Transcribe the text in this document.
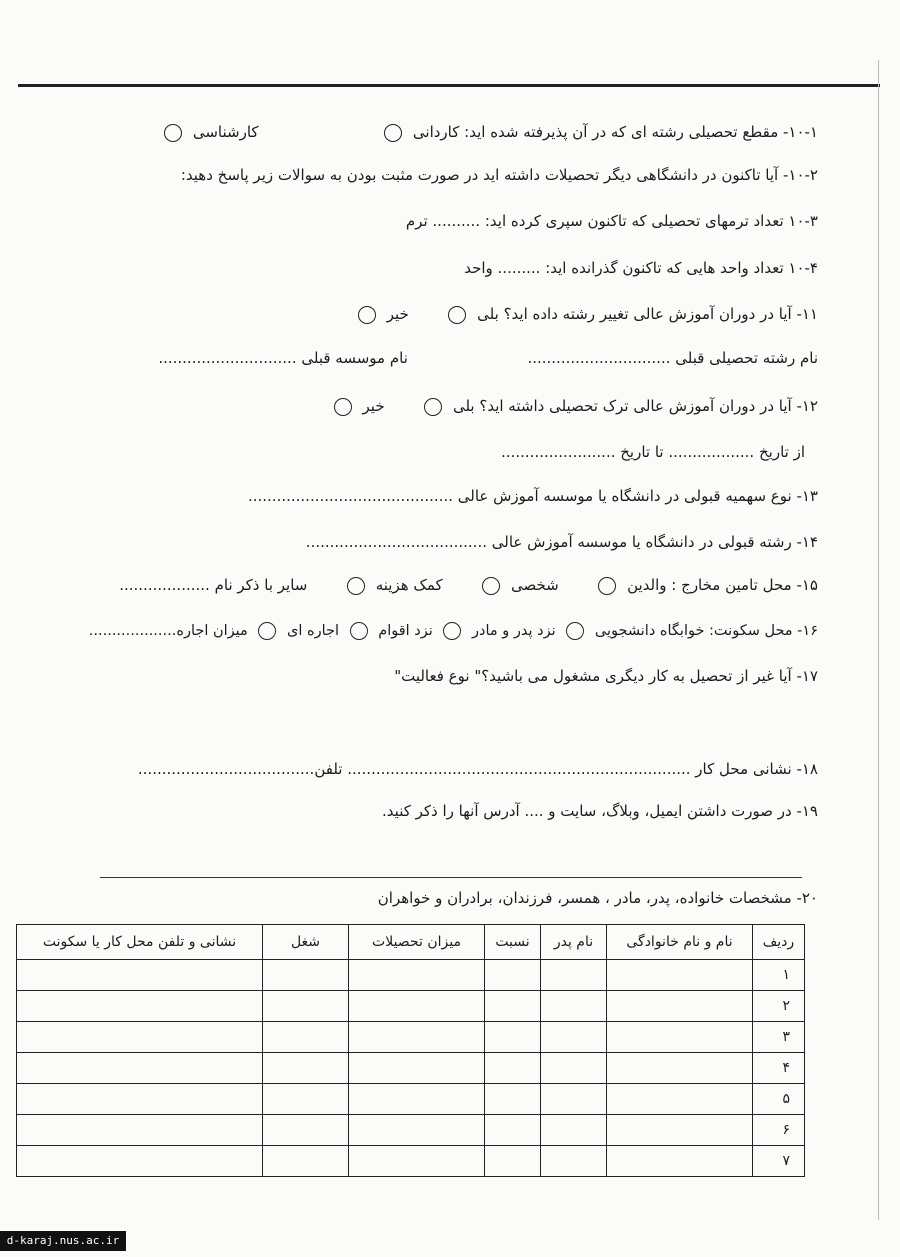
۱۰-۱- مقطع تحصیلی رشته ای که در آن پذیرفته شده اید: کاردانی   کارشناسی
۱۰-۲- آیا تاکنون در دانشگاهی دیگر تحصیلات داشته اید در صورت مثبت بودن به سوالات زیر پاسخ دهید:
۱۰-۳ تعداد ترمهای تحصیلی که تاکنون سپری کرده اید: .......... ترم
۱۰-۴ تعداد واحد هایی که تاکنون گذرانده اید: ......... واحد
۱۱- آیا در دوران آموزش عالی تغییر رشته داده اید؟ بلی   خیر
نام رشته تحصیلی قبلی ..............................  نام موسسه قبلی .............................
۱۲- آیا در دوران آموزش عالی ترک تحصیلی داشته اید؟ بلی   خیر
از تاریخ .................. تا تاریخ ........................
۱۳- نوع سهمیه قبولی در دانشگاه یا موسسه آموزش عالی ...........................................
۱۴- رشته قبولی در دانشگاه یا موسسه آموزش عالی ......................................
۱۵- محل تامین مخارج : والدین   شخصی   کمک هزینه   سایر با ذکر نام ...................
۱۶- محل سکونت: خوابگاه دانشجویی  نزد پدر و مادر  نزد اقوام  اجاره ای  میزان اجاره...................
۱۷- آیا غیر از تحصیل به کار دیگری مشغول می باشید؟" نوع فعالیت"
۱۸- نشانی محل کار ........................................................................ تلفن.....................................
۱۹- در صورت داشتن ایمیل، وبلاگ، سایت و .... آدرس آنها را ذکر کنید.
۲۰- مشخصات خانواده، پدر، مادر ، همسر، فرزندان، برادران و خواهران
ردیف	نام و نام خانوادگی	نام پدر	نسبت	میزان تحصیلات	شغل	نشانی و تلفن محل کار یا سکونت
۱						
۲						
۳						
۴						
۵						
۶						
۷						
d-karaj.nus.ac.ir
